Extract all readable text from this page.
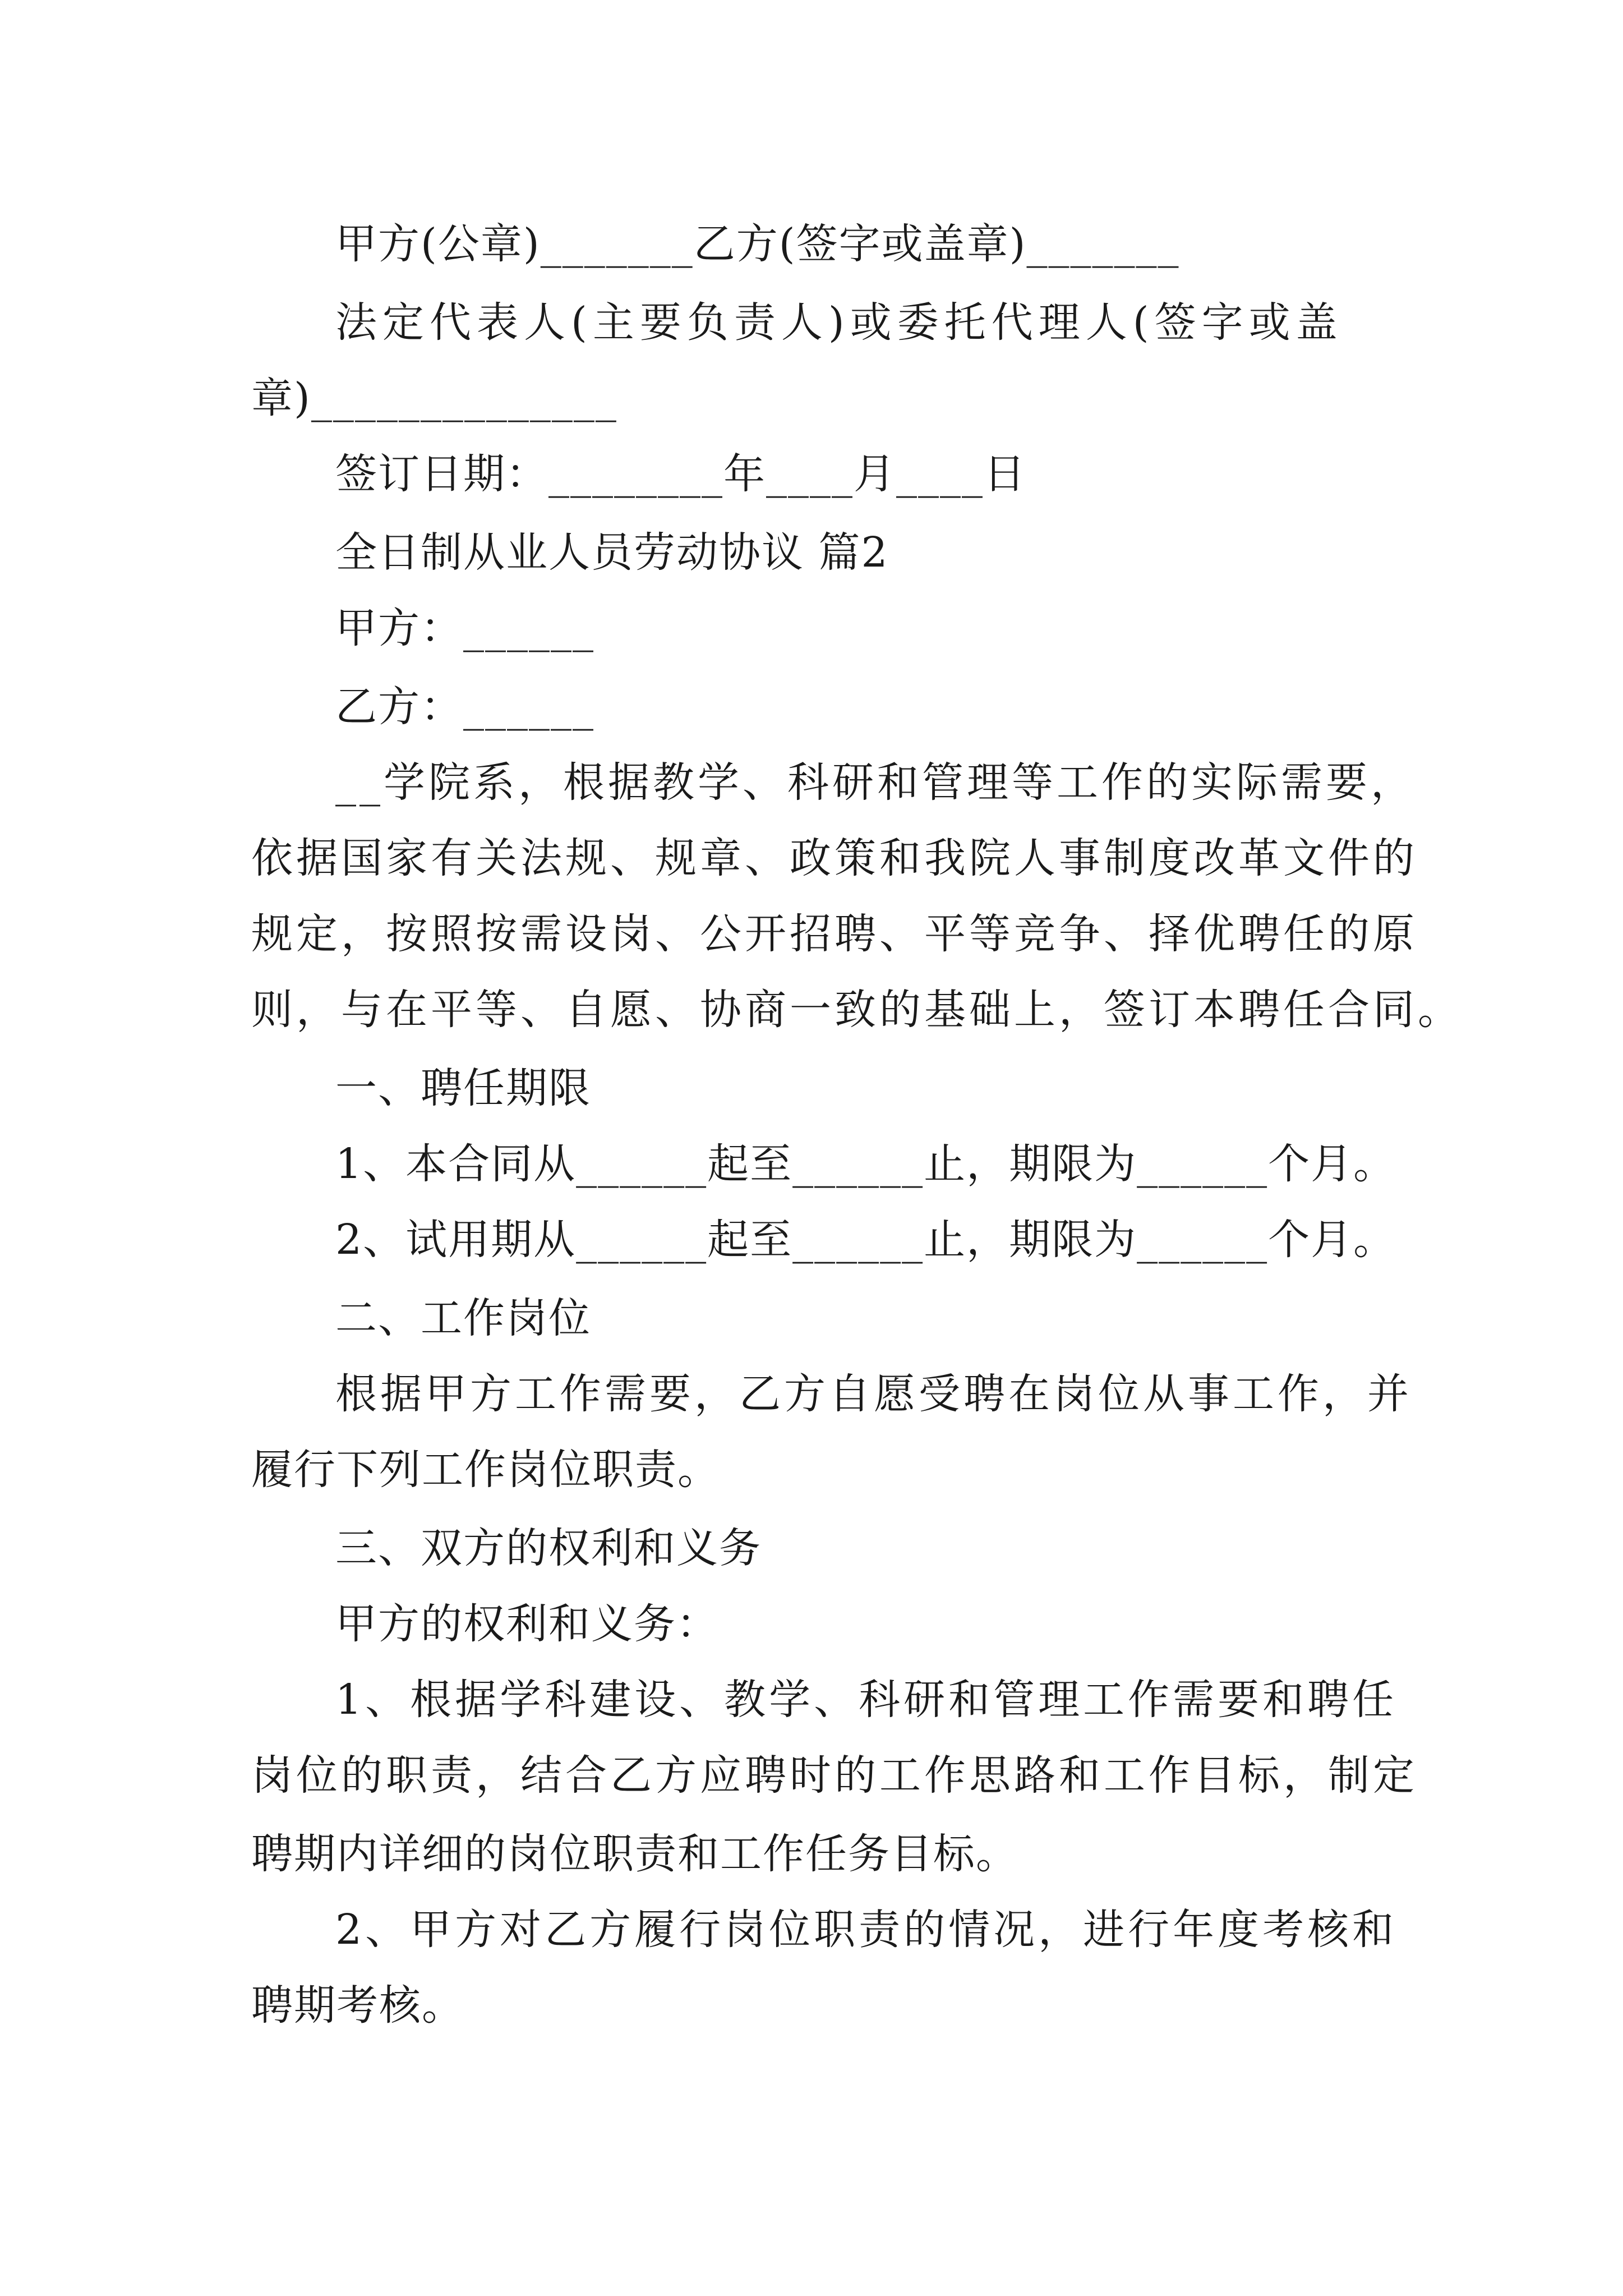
甲方(公章)_______乙方(签字或盖章)_______
法定代表人(主要负责人)或委托代理人(签字或盖
章)______________
签订日期：________年____月____日
全日制从业人员劳动协议 篇2
甲方：______
乙方：______
__学院系，根据教学、科研和管理等工作的实际需要，
依据国家有关法规、规章、政策和我院人事制度改革文件的
规定，按照按需设岗、公开招聘、平等竞争、择优聘任的原
则，与在平等、自愿、协商一致的基础上，签订本聘任合同。
一、聘任期限
1、本合同从______起至______止，期限为______个月。
2、试用期从______起至______止，期限为______个月。
二、工作岗位
根据甲方工作需要，乙方自愿受聘在岗位从事工作，并
履行下列工作岗位职责。
三、双方的权利和义务
甲方的权利和义务：
1、根据学科建设、教学、科研和管理工作需要和聘任
岗位的职责，结合乙方应聘时的工作思路和工作目标，制定
聘期内详细的岗位职责和工作任务目标。
2、甲方对乙方履行岗位职责的情况，进行年度考核和
聘期考核。
